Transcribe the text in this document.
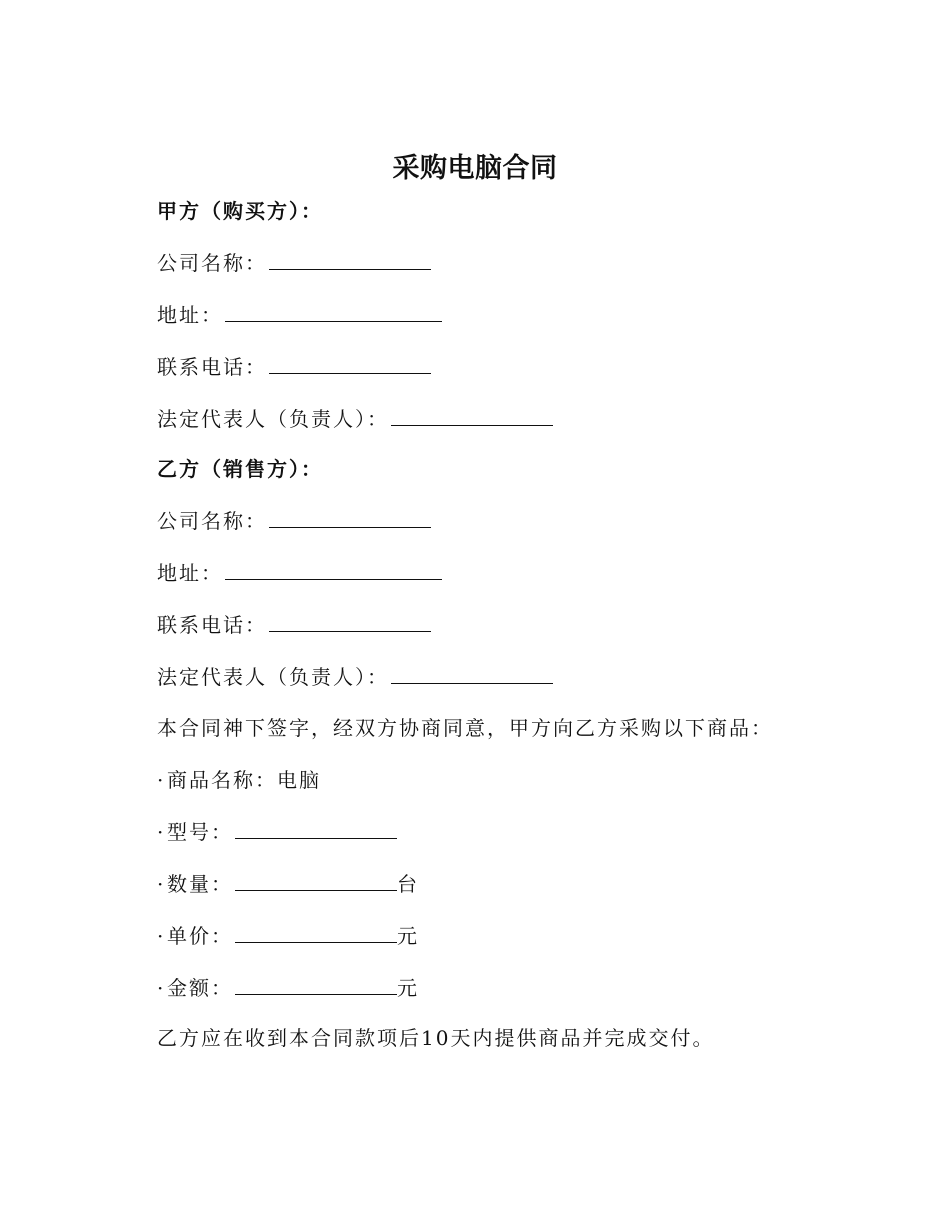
采购电脑合同
甲方（购买方）：
公司名称：
地址：
联系电话：
法定代表人（负责人）：
乙方（销售方）：
公司名称：
地址：
联系电话：
法定代表人（负责人）：
本合同神下签字，经双方协商同意，甲方向乙方采购以下商品：
·商品名称：电脑
·型号：
·数量：	台
·单价：	元
·金额：	元
乙方应在收到本合同款项后10天内提供商品并完成交付。
